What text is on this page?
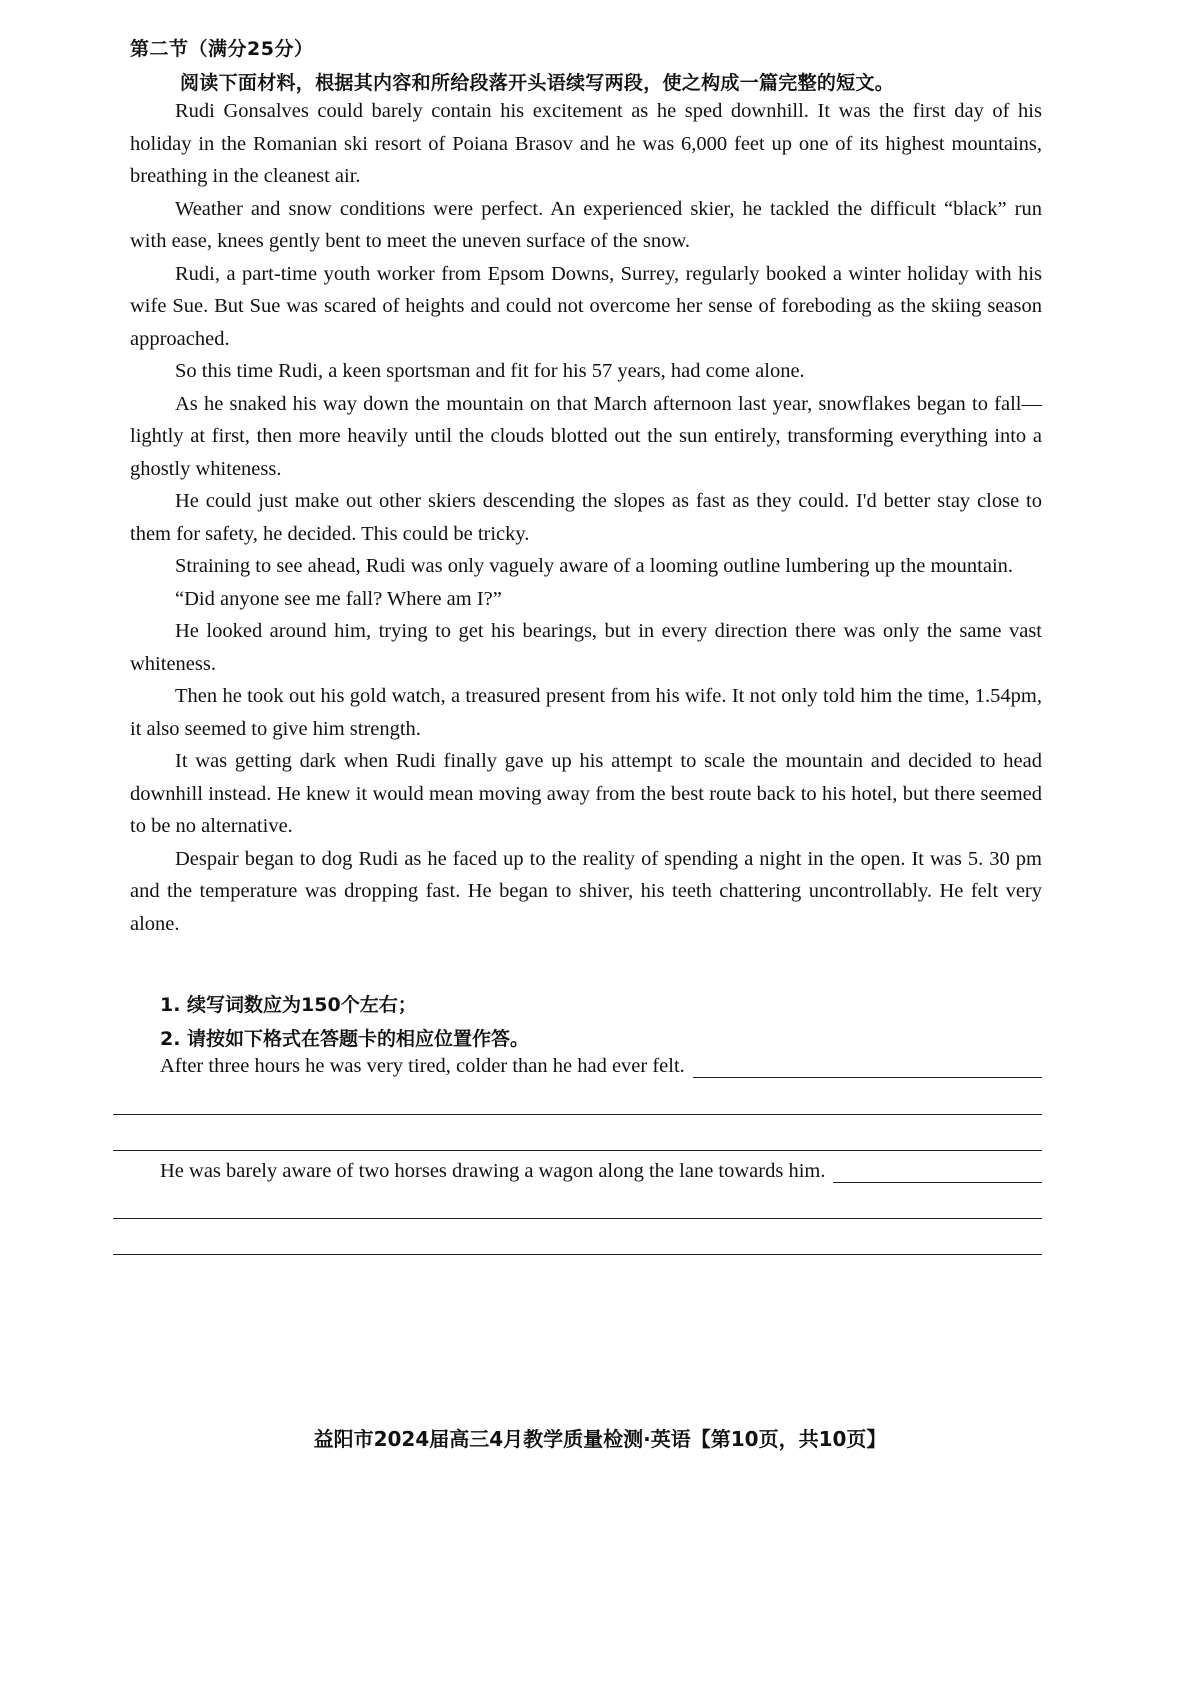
第二节（满分25分）
阅读下面材料，根据其内容和所给段落开头语续写两段，使之构成一篇完整的短文。

Rudi Gonsalves could barely contain his excitement as he sped downhill. It was the first day of his holiday in the Romanian ski resort of Poiana Brasov and he was 6,000 feet up one of its highest mountains, breathing in the cleanest air.

Weather and snow conditions were perfect. An experienced skier, he tackled the difficult “black” run with ease, knees gently bent to meet the uneven surface of the snow.

Rudi, a part-time youth worker from Epsom Downs, Surrey, regularly booked a winter holiday with his wife Sue. But Sue was scared of heights and could not overcome her sense of foreboding as the skiing season approached.

So this time Rudi, a keen sportsman and fit for his 57 years, had come alone.

As he snaked his way down the mountain on that March afternoon last year, snowflakes began to fall—lightly at first, then more heavily until the clouds blotted out the sun entirely, transforming everything into a ghostly whiteness.

He could just make out other skiers descending the slopes as fast as they could. I'd better stay close to them for safety, he decided. This could be tricky.

Straining to see ahead, Rudi was only vaguely aware of a looming outline lumbering up the mountain.

“Did anyone see me fall? Where am I?”

He looked around him, trying to get his bearings, but in every direction there was only the same vast whiteness.

Then he took out his gold watch, a treasured present from his wife. It not only told him the time, 1.54pm, it also seemed to give him strength.

It was getting dark when Rudi finally gave up his attempt to scale the mountain and decided to head downhill instead. He knew it would mean moving away from the best route back to his hotel, but there seemed to be no alternative.

Despair began to dog Rudi as he faced up to the reality of spending a night in the open. It was 5. 30 pm and the temperature was dropping fast. He began to shiver, his teeth chattering uncontrollably. He felt very alone.

1. 续写词数应为150个左右；
2. 请按如下格式在答题卡的相应位置作答。
After three hours he was very tired, colder than he had ever felt.
He was barely aware of two horses drawing a wagon along the lane towards him.
益阳市2024届高三4月教学质量检测·英语【第10页，共10页】
